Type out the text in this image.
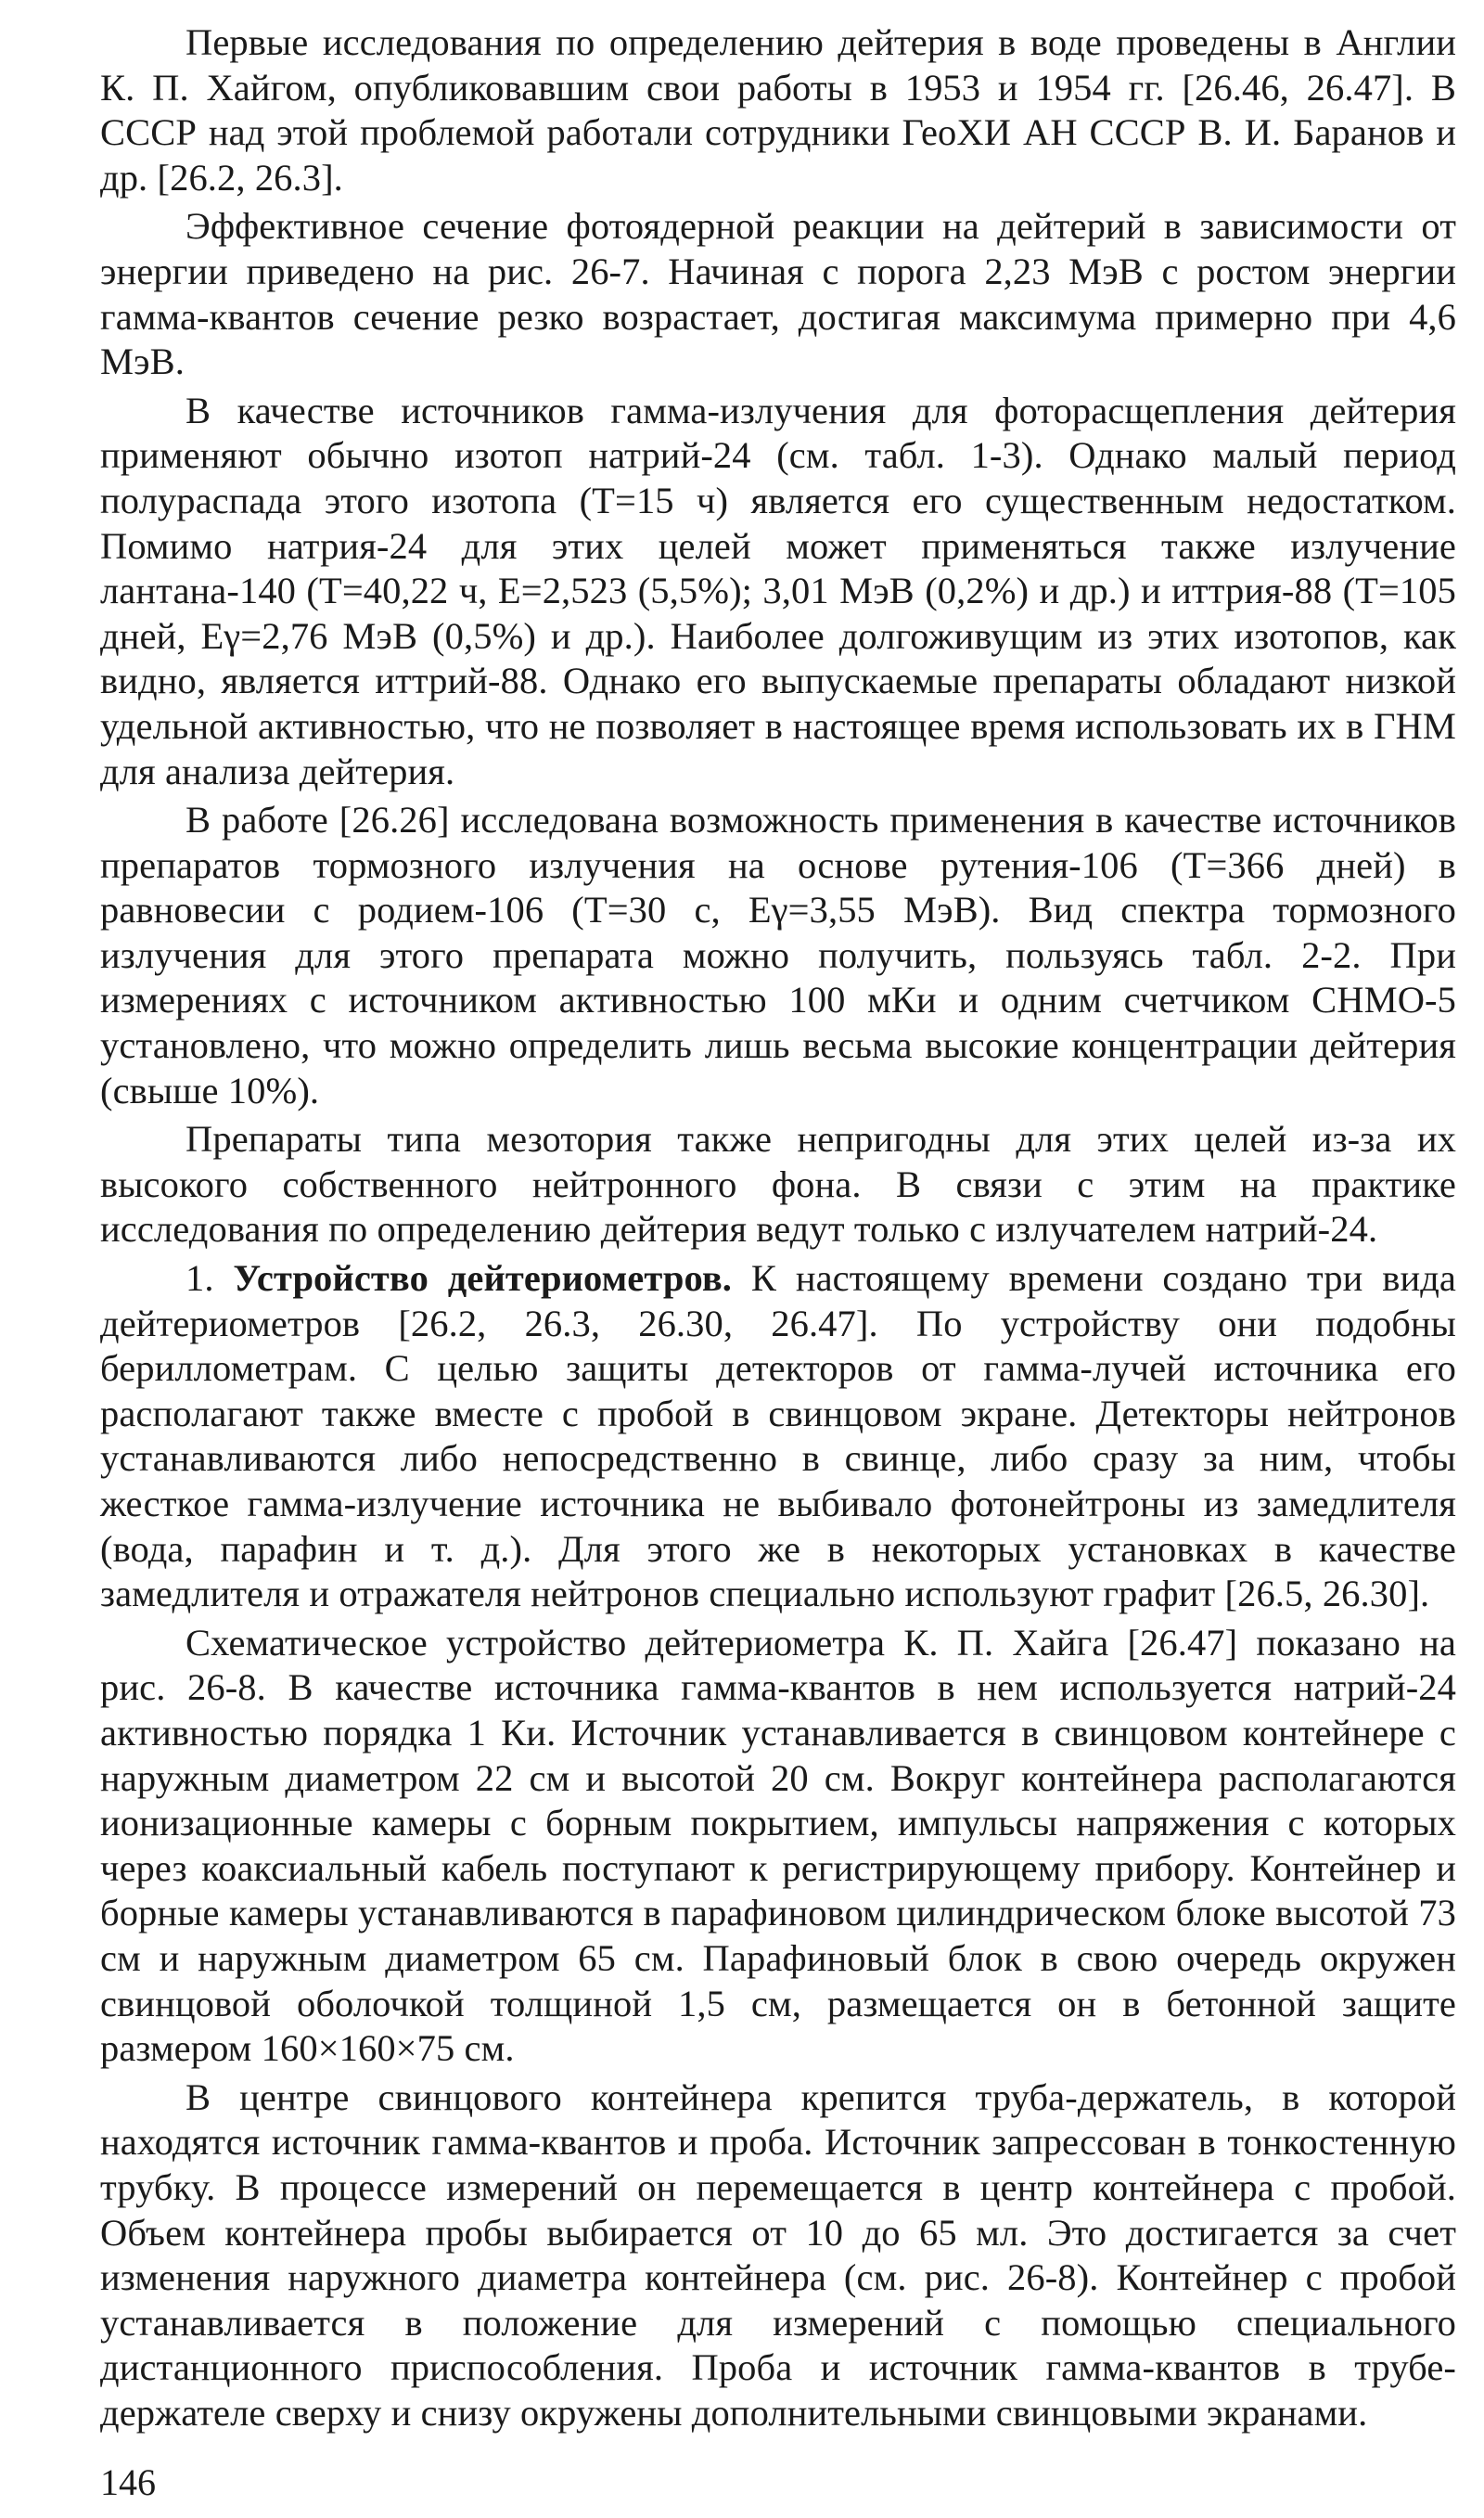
Первые исследования по определению дейтерия в воде проведены в Англии К. П. Хайгом, опубликовавшим свои работы в 1953 и 1954 гг. [26.46, 26.47]. В СССР над этой проблемой работали сотрудники ГеоХИ АН СССР В. И. Баранов и др. [26.2, 26.3].

Эффективное сечение фотоядерной реакции на дейтерий в зависимости от энергии приведено на рис. 26-7. Начиная с порога 2,23 МэВ с ростом энергии гамма-квантов сечение резко возрастает, достигая максимума примерно при 4,6 МэВ.

В качестве источников гамма-излучения для фоторасщепления дейтерия применяют обычно изотоп натрий-24 (см. табл. 1-3). Однако малый период полураспада этого изотопа (T=15 ч) является его существенным недостатком. Помимо натрия-24 для этих целей может применяться также излучение лантана-140 (T=40,22 ч, E=2,523 (5,5%); 3,01 МэВ (0,2%) и др.) и иттрия-88 (T=105 дней, Eγ=2,76 МэВ (0,5%) и др.). Наиболее долгоживущим из этих изотопов, как видно, является иттрий-88. Однако его выпускаемые препараты обладают низкой удельной активностью, что не позволяет в настоящее время использовать их в ГНМ для анализа дейтерия.

В работе [26.26] исследована возможность применения в качестве источников препаратов тормозного излучения на основе рутения-106 (T=366 дней) в равновесии с родием-106 (T=30 с, Eγ=3,55 МэВ). Вид спектра тормозного излучения для этого препарата можно получить, пользуясь табл. 2-2. При измерениях с источником активностью 100 мКи и одним счетчиком СНМО-5 установлено, что можно определить лишь весьма высокие концентрации дейтерия (свыше 10%).

Препараты типа мезотория также непригодны для этих целей из-за их высокого собственного нейтронного фона. В связи с этим на практике исследования по определению дейтерия ведут только с излучателем натрий-24.

1. Устройство дейтериометров. К настоящему времени создано три вида дейтериометров [26.2, 26.3, 26.30, 26.47]. По устройству они подобны бериллометрам. С целью защиты детекторов от гамма-лучей источника его располагают также вместе с пробой в свинцовом экране. Детекторы нейтронов устанавливаются либо непосредственно в свинце, либо сразу за ним, чтобы жесткое гамма-излучение источника не выбивало фотонейтроны из замедлителя (вода, парафин и т. д.). Для этого же в некоторых установках в качестве замедлителя и отражателя нейтронов специально используют графит [26.5, 26.30].

Схематическое устройство дейтериометра К. П. Хайга [26.47] показано на рис. 26-8. В качестве источника гамма-квантов в нем используется натрий-24 активностью порядка 1 Ки. Источник устанавливается в свинцовом контейнере с наружным диаметром 22 см и высотой 20 см. Вокруг контейнера располагаются ионизационные камеры с борным покрытием, импульсы напряжения с которых через коаксиальный кабель поступают к регистрирующему прибору. Контейнер и борные камеры устанавливаются в парафиновом цилиндрическом блоке высотой 73 см и наружным диаметром 65 см. Парафиновый блок в свою очередь окружен свинцовой оболочкой толщиной 1,5 см, размещается он в бетонной защите размером 160×160×75 см.

В центре свинцового контейнера крепится труба-держатель, в которой находятся источник гамма-квантов и проба. Источник запрессован в тонкостенную трубку. В процессе измерений он перемещается в центр контейнера с пробой. Объем контейнера пробы выбирается от 10 до 65 мл. Это достигается за счет изменения наружного диаметра контейнера (см. рис. 26-8). Контейнер с пробой устанавливается в положение для измерений с помощью специального дистанционного приспособления. Проба и источник гамма-квантов в трубе-держателе сверху и снизу окружены дополнительными свинцовыми экранами.

146
